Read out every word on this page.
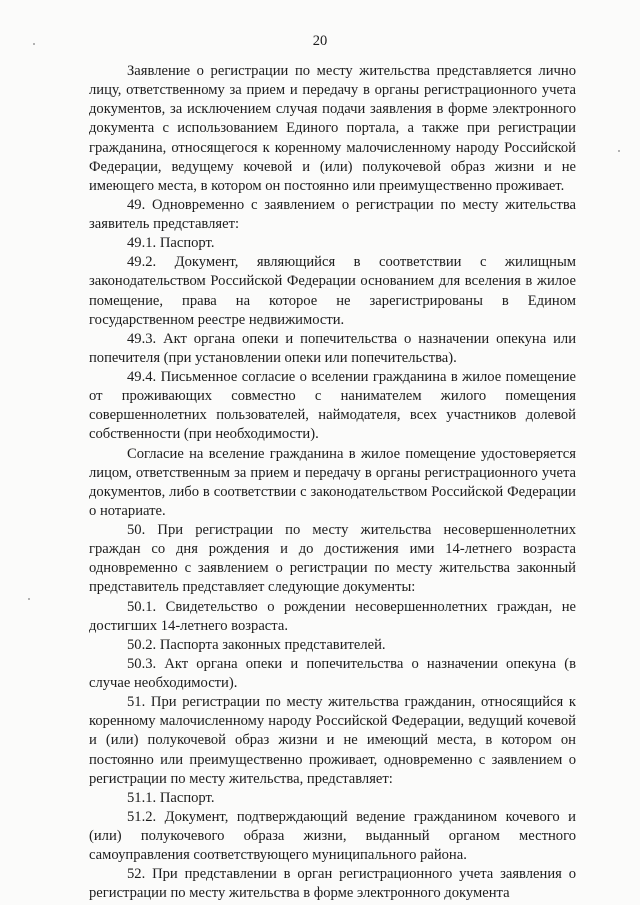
20

Заявление о регистрации по месту жительства представляется лично лицу, ответственному за прием и передачу в органы регистрационного учета документов, за исключением случая подачи заявления в форме электронного документа с использованием Единого портала, а также при регистрации гражданина, относящегося к коренному малочисленному народу Российской Федерации, ведущему кочевой и (или) полукочевой образ жизни и не имеющего места, в котором он постоянно или преимущественно проживает.

49. Одновременно с заявлением о регистрации по месту жительства заявитель представляет:

49.1. Паспорт.

49.2. Документ, являющийся в соответствии с жилищным законодательством Российской Федерации основанием для вселения в жилое помещение, права на которое не зарегистрированы в Едином государственном реестре недвижимости.

49.3. Акт органа опеки и попечительства о назначении опекуна или попечителя (при установлении опеки или попечительства).

49.4. Письменное согласие о вселении гражданина в жилое помещение от проживающих совместно с нанимателем жилого помещения совершеннолетних пользователей, наймодателя, всех участников долевой собственности (при необходимости).

Согласие на вселение гражданина в жилое помещение удостоверяется лицом, ответственным за прием и передачу в органы регистрационного учета документов, либо в соответствии с законодательством Российской Федерации о нотариате.

50. При регистрации по месту жительства несовершеннолетних граждан со дня рождения и до достижения ими 14-летнего возраста одновременно с заявлением о регистрации по месту жительства законный представитель представляет следующие документы:

50.1. Свидетельство о рождении несовершеннолетних граждан, не достигших 14-летнего возраста.

50.2. Паспорта законных представителей.

50.3. Акт органа опеки и попечительства о назначении опекуна (в случае необходимости).

51. При регистрации по месту жительства гражданин, относящийся к коренному малочисленному народу Российской Федерации, ведущий кочевой и (или) полукочевой образ жизни и не имеющий места, в котором он постоянно или преимущественно проживает, одновременно с заявлением о регистрации по месту жительства, представляет:

51.1. Паспорт.

51.2. Документ, подтверждающий ведение гражданином кочевого и (или) полукочевого образа жизни, выданный органом местного самоуправления соответствующего муниципального района.

52. При представлении в орган регистрационного учета заявления о регистрации по месту жительства в форме электронного документа
